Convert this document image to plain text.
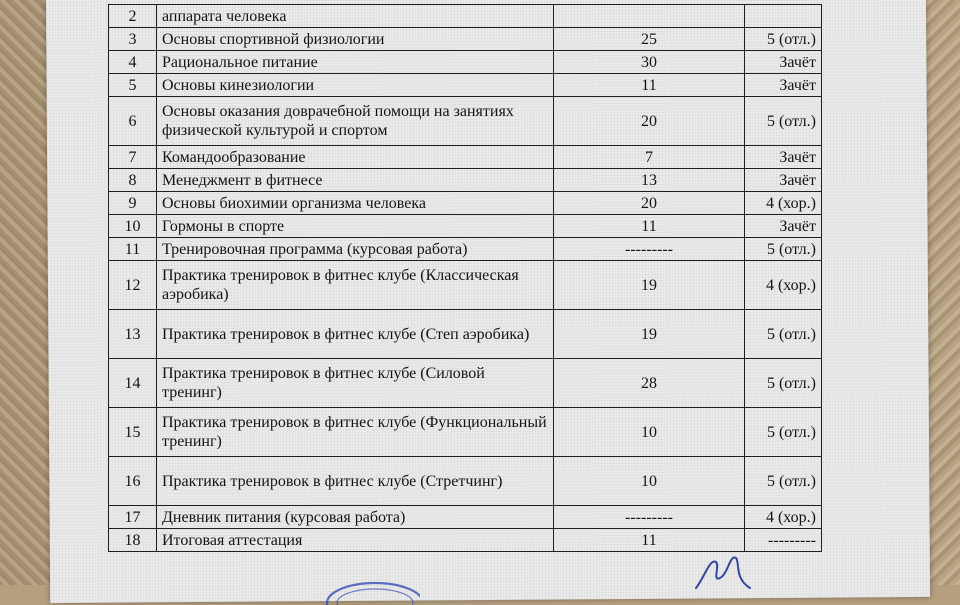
2	аппарата человека		
3	Основы спортивной физиологии	25	5 (отл.)
4	Рациональное питание	30	Зачёт
5	Основы кинезиологии	11	Зачёт
6	Основы оказания доврачебной помощи на занятиях физической культурой и спортом	20	5 (отл.)
7	Командообразование	7	Зачёт
8	Менеджмент в фитнесе	13	Зачёт
9	Основы биохимии организма человека	20	4 (хор.)
10	Гормоны в спорте	11	Зачёт
11	Тренировочная программа (курсовая работа)	---------	5 (отл.)
12	Практика тренировок в фитнес клубе (Классическая аэробика)	19	4 (хор.)
13	Практика тренировок в фитнес клубе (Степ аэробика)	19	5 (отл.)
14	Практика тренировок в фитнес клубе (Силовой тренинг)	28	5 (отл.)
15	Практика тренировок в фитнес клубе (Функциональный тренинг)	10	5 (отл.)
16	Практика тренировок в фитнес клубе (Стретчинг)	10	5 (отл.)
17	Дневник питания (курсовая работа)	---------	4 (хор.)
18	Итоговая аттестация	11	---------
